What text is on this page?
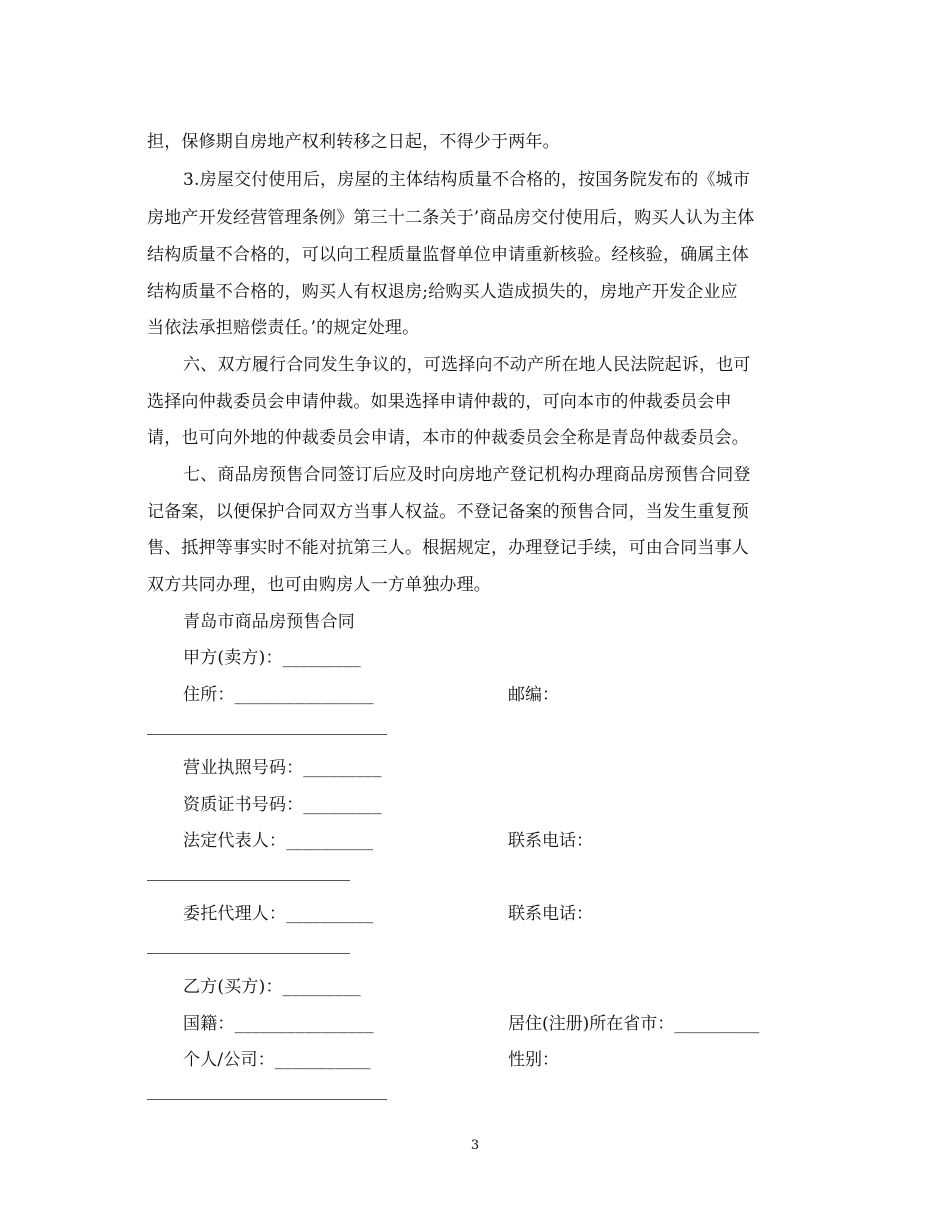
担，保修期自房地产权利转移之日起，不得少于两年。
3.房屋交付使用后，房屋的主体结构质量不合格的，按国务院发布的《城市
房地产开发经营管理条例》第三十二条关于’商品房交付使用后，购买人认为主体
结构质量不合格的，可以向工程质量监督单位申请重新核验。经核验，确属主体
结构质量不合格的，购买人有权退房;给购买人造成损失的，房地产开发企业应
当依法承担赔偿责任。’的规定处理。
六、双方履行合同发生争议的，可选择向不动产所在地人民法院起诉，也可
选择向仲裁委员会申请仲裁。如果选择申请仲裁的，可向本市的仲裁委员会申
请，也可向外地的仲裁委员会申请，本市的仲裁委员会全称是青岛仲裁委员会。
七、商品房预售合同签订后应及时向房地产登记机构办理商品房预售合同登
记备案，以便保护合同双方当事人权益。不登记备案的预售合同，当发生重复预
售、抵押等事实时不能对抗第三人。根据规定，办理登记手续，可由合同当事人
双方共同办理，也可由购房人一方单独办理。
青岛市商品房预售合同
甲方(卖方)：_________
住所：________________	邮编：
营业执照号码：_________
资质证书号码：_________
法定代表人：__________	联系电话：
委托代理人：__________	联系电话：
乙方(买方)：_________
国籍：________________	居住(注册)所在省市：__________
个人/公司：___________	性别：
3
